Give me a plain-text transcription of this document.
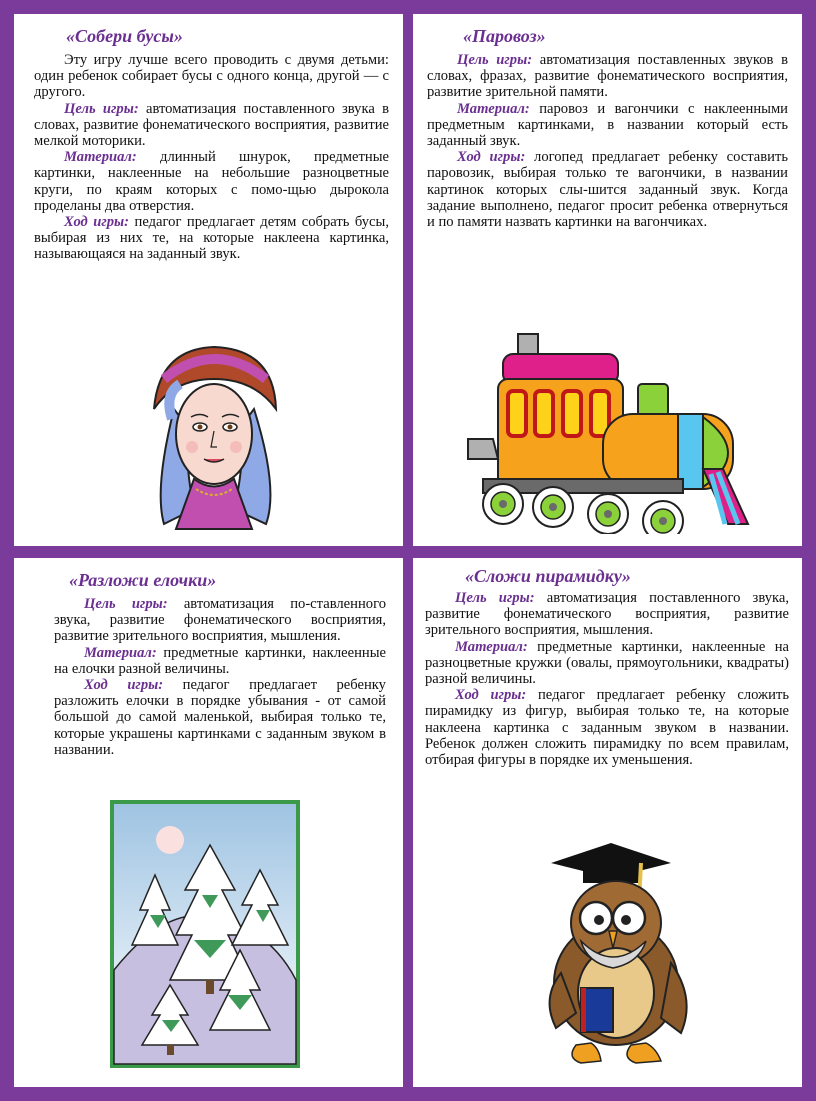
«Собери бусы»

Эту игру лучше всего проводить с двумя детьми: один ребенок собирает бусы с одного конца, другой — с другого.

Цель игры: автоматизация поставленного звука в словах, развитие фонематического восприятия, развитие мелкой моторики.

Материал: длинный шнурок, предметные картинки, наклеенные на небольшие разноцветные круги, по краям которых с помо-щью дырокола проделаны два отверстия.

Ход игры: педагог предлагает детям собрать бусы, выбирая из них те, на которые наклеена картинка, называющаяся на заданный звук.

«Паровоз»

Цель игры: автоматизация поставленных звуков в словах, фразах, развитие фонематического восприятия, развитие зрительной памяти.

Материал: паровоз и вагончики с наклеенными предметным картинками, в названии который есть заданный звук.

Ход игры: логопед предлагает ребенку составить паровозик, выбирая только те вагончики, в названии картинок которых слы-шится заданный звук. Когда задание выполнено, педагог просит ребенка отвернуться и по памяти назвать картинки на вагончиках.

«Разложи елочки»

Цель игры: автоматизация по-ставленного звука, развитие фонематического восприятия, развитие зрительного восприятия, мышления.

Материал: предметные картинки, наклеенные на елочки разной величины.

Ход игры: педагог предлагает ребенку разложить елочки в порядке убывания - от самой большой до самой маленькой, выбирая только те, которые украшены картинками с заданным звуком в названии.

«Сложи пирамидку»

Цель игры: автоматизация поставленного звука, развитие фонематического восприятия, развитие зрительного восприятия, мышления.

Материал: предметные картинки, наклеенные на разноцветные кружки (овалы, прямоугольники, квадраты) разной величины.

Ход игры: педагог предлагает ребенку сложить пирамидку из фигур, выбирая только те, на которые наклеена картинка с заданным звуком в названии. Ребенок должен сложить пирамидку по всем правилам, отбирая фигуры в порядке их уменьшения.
